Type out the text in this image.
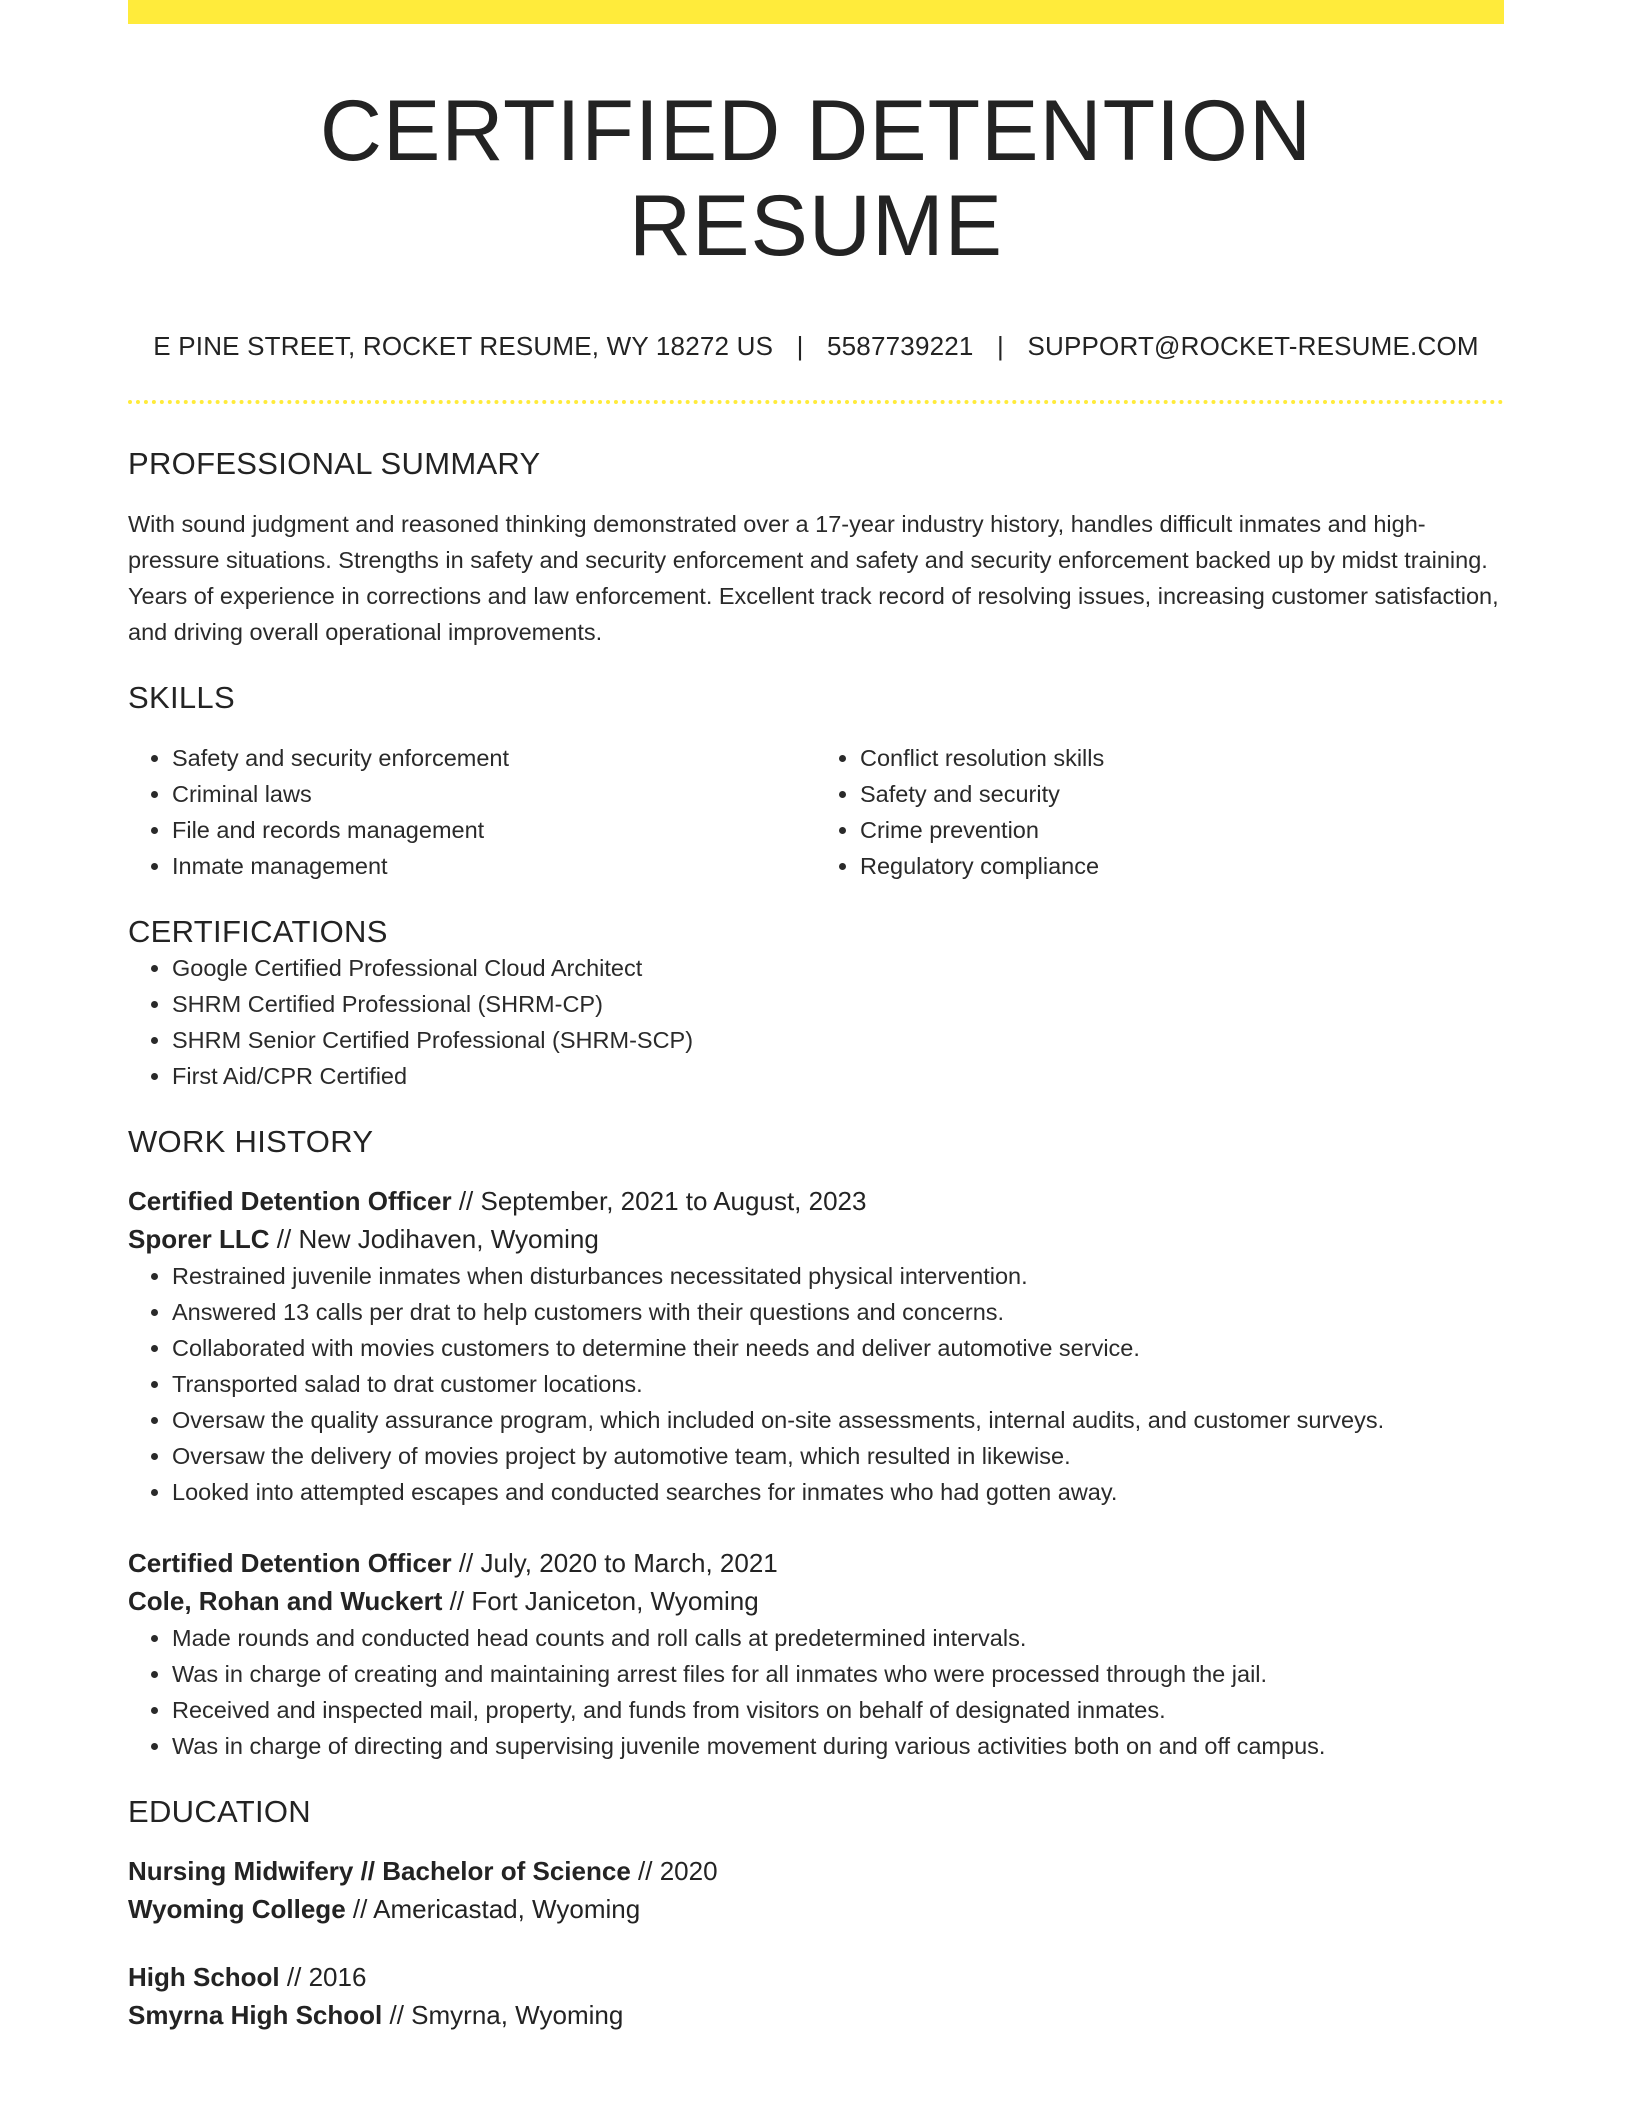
CERTIFIED DETENTION RESUME
E PINE STREET, ROCKET RESUME, WY 18272 US | 5587739221 | SUPPORT@ROCKET-RESUME.COM
PROFESSIONAL SUMMARY
With sound judgment and reasoned thinking demonstrated over a 17-year industry history, handles difficult inmates and high-pressure situations. Strengths in safety and security enforcement and safety and security enforcement backed up by midst training. Years of experience in corrections and law enforcement. Excellent track record of resolving issues, increasing customer satisfaction, and driving overall operational improvements.
SKILLS
• Safety and security enforcement
• Criminal laws
• File and records management
• Inmate management
• Conflict resolution skills
• Safety and security
• Crime prevention
• Regulatory compliance
CERTIFICATIONS
• Google Certified Professional Cloud Architect
• SHRM Certified Professional (SHRM-CP)
• SHRM Senior Certified Professional (SHRM-SCP)
• First Aid/CPR Certified
WORK HISTORY
Certified Detention Officer // September, 2021 to August, 2023
Sporer LLC // New Jodihaven, Wyoming
• Restrained juvenile inmates when disturbances necessitated physical intervention.
• Answered 13 calls per drat to help customers with their questions and concerns.
• Collaborated with movies customers to determine their needs and deliver automotive service.
• Transported salad to drat customer locations.
• Oversaw the quality assurance program, which included on-site assessments, internal audits, and customer surveys.
• Oversaw the delivery of movies project by automotive team, which resulted in likewise.
• Looked into attempted escapes and conducted searches for inmates who had gotten away.
Certified Detention Officer // July, 2020 to March, 2021
Cole, Rohan and Wuckert // Fort Janiceton, Wyoming
• Made rounds and conducted head counts and roll calls at predetermined intervals.
• Was in charge of creating and maintaining arrest files for all inmates who were processed through the jail.
• Received and inspected mail, property, and funds from visitors on behalf of designated inmates.
• Was in charge of directing and supervising juvenile movement during various activities both on and off campus.
EDUCATION
Nursing Midwifery // Bachelor of Science // 2020
Wyoming College // Americastad, Wyoming
High School // 2016
Smyrna High School // Smyrna, Wyoming
